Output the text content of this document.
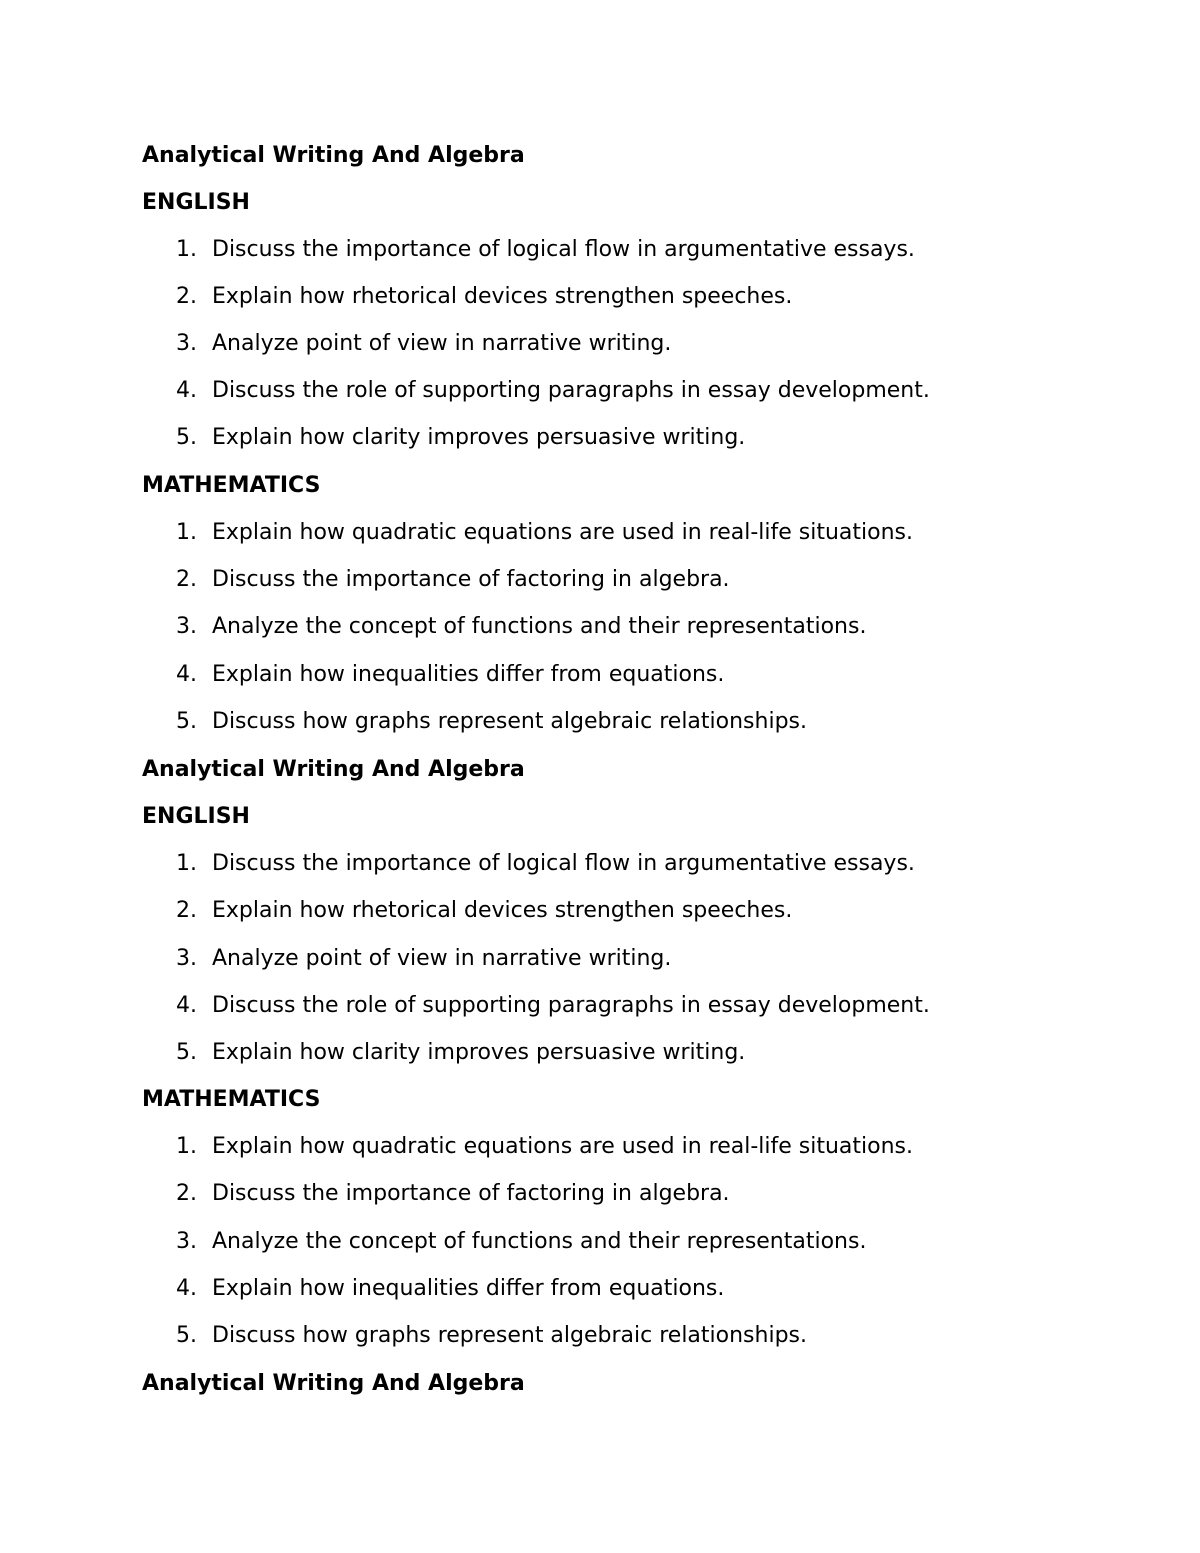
Analytical Writing And Algebra
ENGLISH
1. Discuss the importance of logical flow in argumentative essays.
2. Explain how rhetorical devices strengthen speeches.
3. Analyze point of view in narrative writing.
4. Discuss the role of supporting paragraphs in essay development.
5. Explain how clarity improves persuasive writing.
MATHEMATICS
1. Explain how quadratic equations are used in real-life situations.
2. Discuss the importance of factoring in algebra.
3. Analyze the concept of functions and their representations.
4. Explain how inequalities differ from equations.
5. Discuss how graphs represent algebraic relationships.
Analytical Writing And Algebra
ENGLISH
1. Discuss the importance of logical flow in argumentative essays.
2. Explain how rhetorical devices strengthen speeches.
3. Analyze point of view in narrative writing.
4. Discuss the role of supporting paragraphs in essay development.
5. Explain how clarity improves persuasive writing.
MATHEMATICS
1. Explain how quadratic equations are used in real-life situations.
2. Discuss the importance of factoring in algebra.
3. Analyze the concept of functions and their representations.
4. Explain how inequalities differ from equations.
5. Discuss how graphs represent algebraic relationships.
Analytical Writing And Algebra
